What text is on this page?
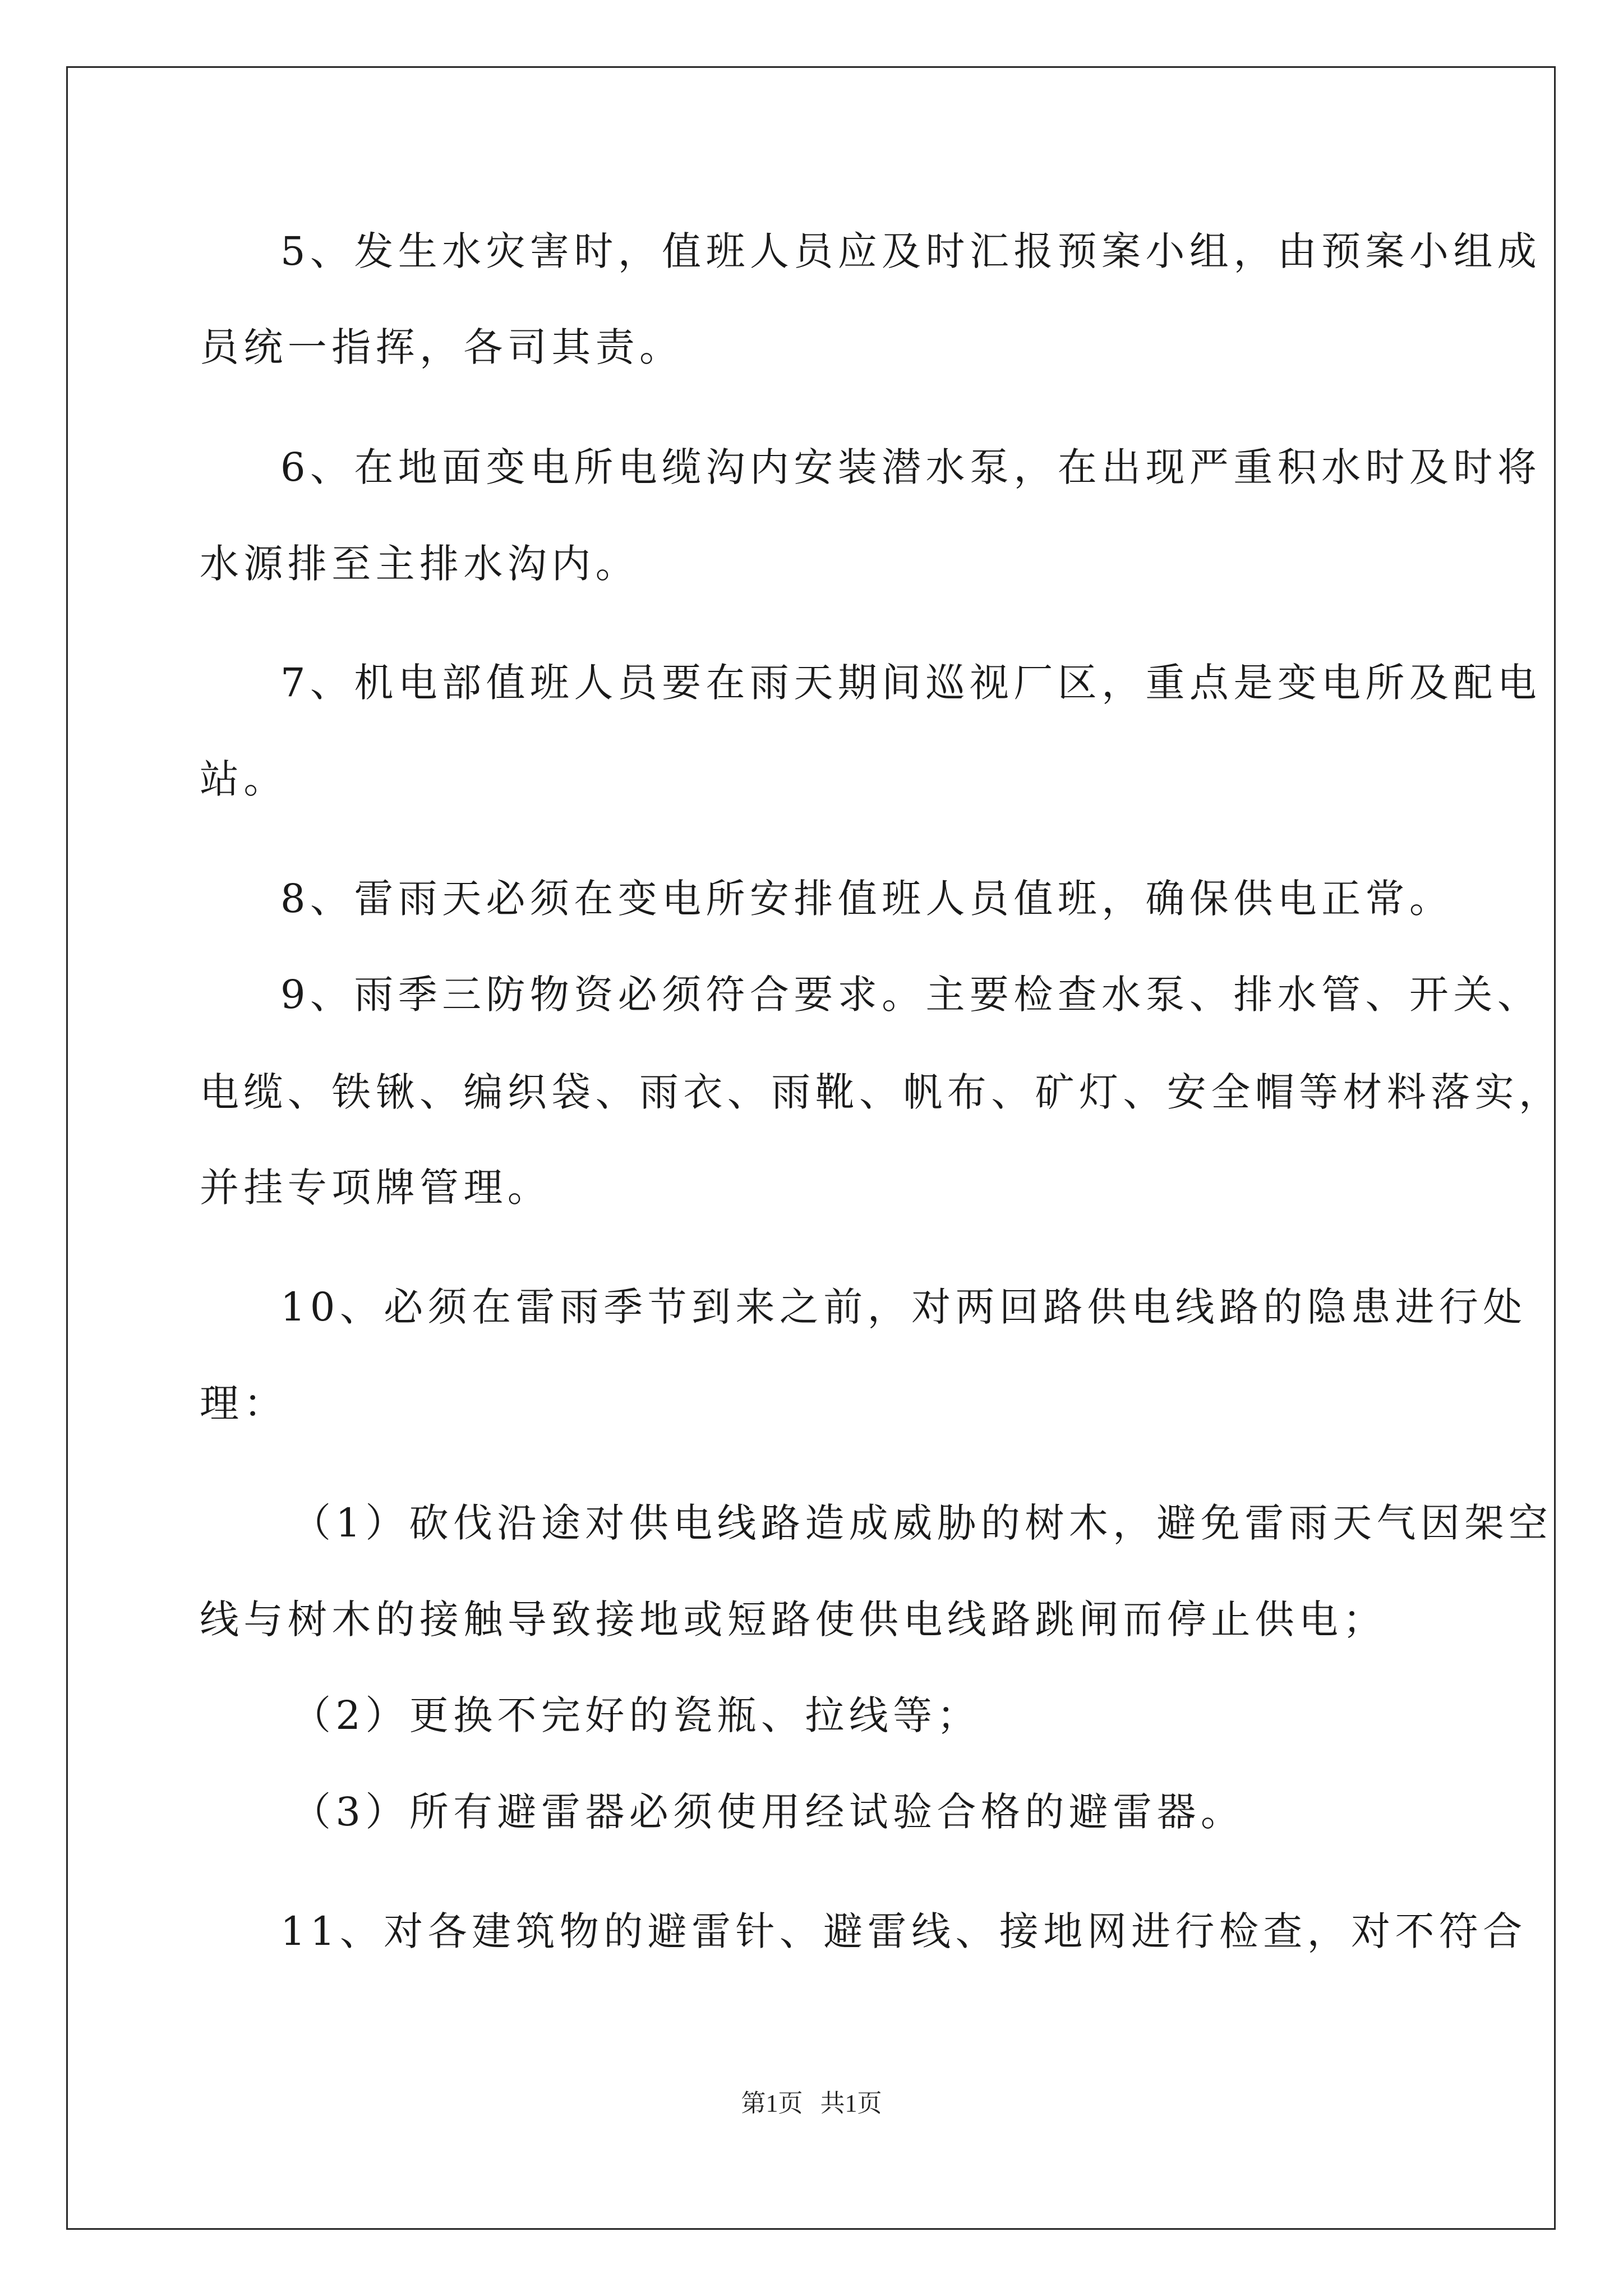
5、发生水灾害时，值班人员应及时汇报预案小组，由预案小组成
员统一指挥，各司其责。
6、在地面变电所电缆沟内安装潜水泵，在出现严重积水时及时将
水源排至主排水沟内。
7、机电部值班人员要在雨天期间巡视厂区，重点是变电所及配电
站。
8、雷雨天必须在变电所安排值班人员值班，确保供电正常。
9、雨季三防物资必须符合要求。主要检查水泵、排水管、开关、
电缆、铁锹、编织袋、雨衣、雨靴、帆布、矿灯、安全帽等材料落实，
并挂专项牌管理。
10、必须在雷雨季节到来之前，对两回路供电线路的隐患进行处
理：
（1）砍伐沿途对供电线路造成威胁的树木，避免雷雨天气因架空
线与树木的接触导致接地或短路使供电线路跳闸而停止供电；
（2）更换不完好的瓷瓶、拉线等；
（3）所有避雷器必须使用经试验合格的避雷器。
11、对各建筑物的避雷针、避雷线、接地网进行检查，对不符合
第1页 共1页
